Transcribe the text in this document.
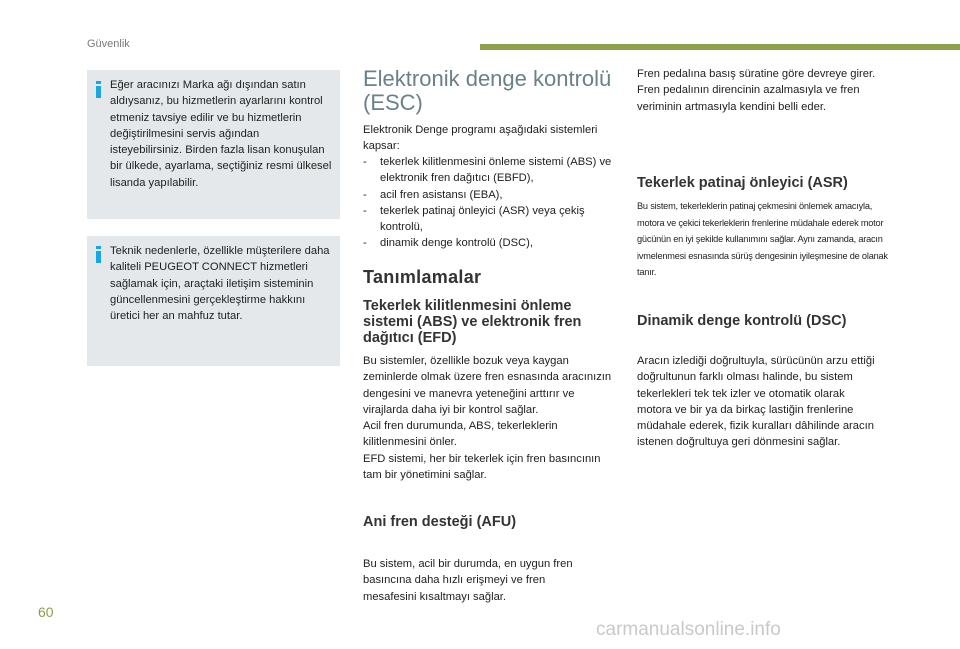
Güvenlik

Eğer aracınızı Marka ağı dışından satın aldıysanız, bu hizmetlerin ayarlarını kontrol etmeniz tavsiye edilir ve bu hizmetlerin değiştirilmesini servis ağından isteyebilirsiniz. Birden fazla lisan konuşulan bir ülkede, ayarlama, seçtiğiniz resmi ülkesel lisanda yapılabilir.

Teknik nedenlerle, özellikle müşterilere daha kaliteli PEUGEOT CONNECT hizmetleri sağlamak için, araçtaki iletişim sisteminin güncellenmesini gerçekleştirme hakkını üretici her an mahfuz tutar.

Elektronik denge kontrolü
(ESC)

Elektronik Denge programı aşağıdaki sistemleri kapsar:

- tekerlek kilitlenmesini önleme sistemi (ABS) ve elektronik fren dağıtıcı (EBFD),
- acil fren asistansı (EBA),
- tekerlek patinaj önleyici (ASR) veya çekiş kontrolü,
- dinamik denge kontrolü (DSC),
Tanımlamalar
Tekerlek kilitlenmesini önleme
sistemi (ABS) ve elektronik fren
dağıtıcı (EFD)

Bu sistemler, özellikle bozuk veya kaygan zeminlerde olmak üzere fren esnasında aracınızın dengesini ve manevra yeteneğini arttırır ve virajlarda daha iyi bir kontrol sağlar.

Acil fren durumunda, ABS, tekerleklerin kilitlenmesini önler.

EFD sistemi, her bir tekerlek için fren basıncının tam bir yönetimini sağlar.

Ani fren desteği (AFU)

Bu sistem, acil bir durumda, en uygun fren basıncına daha hızlı erişmeyi ve fren mesafesini kısaltmayı sağlar.

Fren pedalına basış süratine göre devreye girer. Fren pedalının direncinin azalmasıyla ve fren veriminin artmasıyla kendini belli eder.

Tekerlek patinaj önleyici (ASR)

Bu sistem, tekerleklerin patinaj çekmesini önlemek amacıyla, motora ve çekici tekerleklerin frenlerine müdahale ederek motor gücünün en iyi şekilde kullanımını sağlar. Aynı zamanda, aracın ivmelenmesi esnasında sürüş dengesinin iyileşmesine de olanak tanır.

Dinamik denge kontrolü (DSC)

Aracın izlediği doğrultuyla, sürücünün arzu ettiği doğrultunun farklı olması halinde, bu sistem tekerlekleri tek tek izler ve otomatik olarak motora ve bir ya da birkaç lastiğin frenlerine müdahale ederek, fizik kuralları dâhilinde aracın istenen doğrultuya geri dönmesini sağlar.

60
carmanualsonline.info
